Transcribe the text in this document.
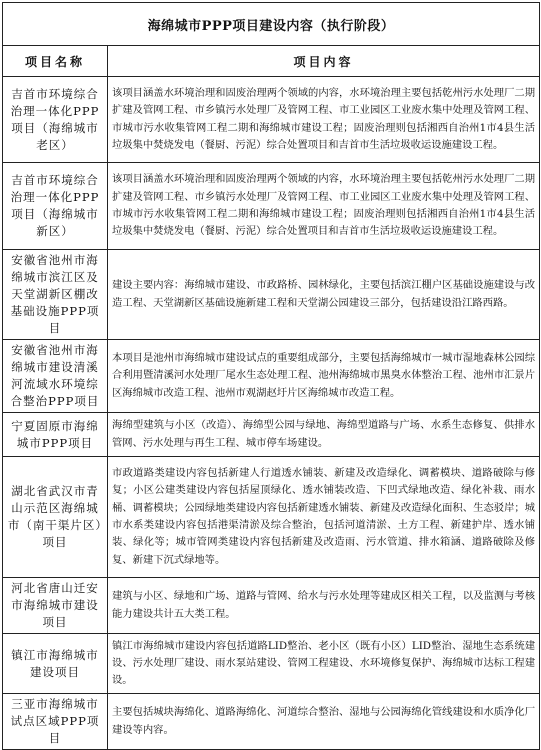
海绵城市PPP项目建设内容（执行阶段）	
项目名称	项目内容
吉首市环境综合治理一体化PPP项目（海绵城市老区）	该项目涵盖水环境治理和固废治理两个领域的内容，水环境治理主要包括乾州污水处理厂二期扩建及管网工程、市乡镇污水处理厂及管网工程、市工业园区工业废水集中处理及管网工程、市城市污水收集管网工程二期和海绵城市建设工程；固废治理则包括湘西自治州1市4县生活垃圾集中焚烧发电（餐厨、污泥）综合处置项目和吉首市生活垃圾收运设施建设工程。
吉首市环境综合治理一体化PPP项目（海绵城市新区）	该项目涵盖水环境治理和固废治理两个领域的内容，水环境治理主要包括乾州污水处理厂二期扩建及管网工程、市乡镇污水处理厂及管网工程、市工业园区工业废水集中处理及管网工程、市城市污水收集管网工程二期和海绵城市建设工程；固废治理则包括湘西自治州1市4县生活垃圾集中焚烧发电（餐厨、污泥）综合处置项目和吉首市生活垃圾收运设施建设工程。
安徽省池州市海绵城市滨江区及天堂湖新区棚改基础设施PPP项目	建设主要内容：海绵城市建设、市政路桥、园林绿化，主要包括滨江棚户区基础设施建设与改造工程、天堂湖新区基础设施新建工程和天堂湖公园建设三部分，包括建设沿江路西路。
安徽省池州市海绵城市建设清溪河流域水环境综合整治PPP项目	本项目是池州市海绵城市建设试点的重要组成部分，主要包括海绵城市一城市湿地森林公园综合利用暨清溪河水处理厂尾水生态处理工程、池州海绵城市黑臭水体整治工程、池州市汇景片区海绵城市改造工程、池州市观湖赵圩片区海绵城市改造工程。
宁夏固原市海绵城市PPP项目	海绵型建筑与小区（改造）、海绵型公园与绿地、海绵型道路与广场、水系生态修复、供排水管网、污水处理与再生工程、城市停车场建设。
湖北省武汉市青山示范区海绵城市（南干渠片区）项目	市政道路类建设内容包括新建人行道透水铺装、新建及改造绿化、调蓄模块、道路破除与修复；小区公建类建设内容包括屋顶绿化、透水铺装改造、下凹式绿地改造、绿化补栽、雨水桶、调蓄模块；公园绿地类建设内容包括新建透水铺装、新建及改造绿化面积、生态驳岸；城市水系类建设内容包括港渠清淤及综合整治，包括河道清淤、土方工程、新建护岸、透水铺装、绿化等；城市管网类建设内容包括新建及改造雨、污水管道、排水箱涵、道路破除及修复、新建下沉式绿地等。
河北省唐山迁安市海绵城市建设项目	建筑与小区、绿地和广场、道路与管网、给水与污水处理等建成区相关工程，以及监测与考核能力建设共计五大类工程。
镇江市海绵城市建设项目	镇江市海绵城市建设内容包括道路LID整治、老小区（既有小区）LID整治、湿地生态系统建设、污水处理厂建设、雨水泵站建设、管网工程建设、水环境修复保护、海绵城市达标工程建设。
三亚市海绵城市试点区域PPP项目	主要包括城块海绵化、道路海绵化、河道综合整治、湿地与公园海绵化管线建设和水质净化厂建设等内容。
